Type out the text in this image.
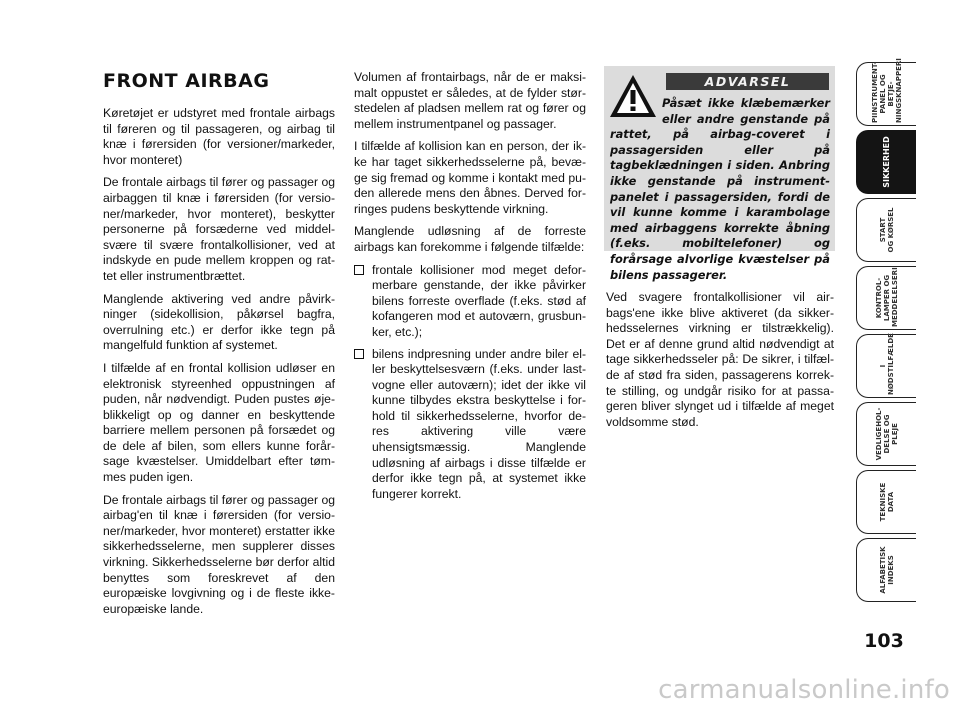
FRONT AIRBAG

Køretøjet er udstyret med frontale airbags til føreren og til passageren, og airbag til knæ i førersiden (for versioner/markeder, hvor monteret)

De frontale airbags til fører og passager og airbaggen til knæ i førersiden (for versioner/markeder, hvor monteret), beskytter personerne på forsæderne ved middelsvære til svære frontalkollisioner, ved at indskyde en pude mellem kroppen og rattet eller instrumentbrættet.

Manglende aktivering ved andre påvirkninger (sidekollision, påkørsel bagfra, overrulning etc.) er derfor ikke tegn på mangelfuld funktion af systemet.

I tilfælde af en frontal kollision udløser en elektronisk styreenhed oppustningen af puden, når nødvendigt. Puden pustes øjeblikkeligt op og danner en beskyttende barriere mellem personen på forsædet og de dele af bilen, som ellers kunne forårsage kvæstelser. Umiddelbart efter tømmes puden igen.

De frontale airbags til fører og passager og airbag'en til knæ i førersiden (for versioner/markeder, hvor monteret) erstatter ikke sikkerhedsselerne, men supplerer disses virkning. Sikkerhedsselerne bør derfor altid benyttes som foreskrevet af den europæiske lovgivning og i de fleste ikke-europæiske lande.

Volumen af frontairbags, når de er maksimalt oppustet er således, at de fylder størstedelen af pladsen mellem rat og fører og mellem instrumentpanel og passager.

I tilfælde af kollision kan en person, der ikke har taget sikkerhedsselerne på, bevæge sig fremad og komme i kontakt med puden allerede mens den åbnes. Derved forringes pudens beskyttende virkning.

Manglende udløsning af de forreste airbags kan forekomme i følgende tilfælde:

frontale kollisioner mod meget deformerbare genstande, der ikke påvirker bilens forreste overflade (f.eks. stød af kofangeren mod et autoværn, grusbunker, etc.);
bilens indpresning under andre biler eller beskyttelsesværn (f.eks. under lastvogne eller autoværn); idet der ikke vil kunne tilbydes ekstra beskyttelse i forhold til sikkerhedsselerne, hvorfor deres aktivering ville være uhensigtsmæssig. Manglende udløsning af airbags i disse tilfælde er derfor ikke tegn på, at systemet ikke fungerer korrekt.
ADVARSEL
Påsæt ikke klæbemærker eller andre genstande på rattet, på airbag-coveret i passagersiden eller på tagbeklædningen i siden. Anbring ikke genstande på instrumentpanelet i passagersiden, fordi de vil kunne komme i karambolage med airbaggens korrekte åbning (f.eks. mobiltelefoner) og forårsage alvorlige kvæstelser på bilens passagerer.

Ved svagere frontalkollisioner vil airbags'ene ikke blive aktiveret (da sikkerhedsselernes virkning er tilstrækkelig). Det er af denne grund altid nødvendigt at tage sikkerhedsseler på: De sikrer, i tilfælde af stød fra siden, passagerens korrekte stilling, og undgår risiko for at passageren bliver slynget ud i tilfælde af meget voldsomme stød.

PIINSTRUMENT-
PANEL OG BETJE-
NINGSKNAPPERI
SIKKERHED
START
OG KØRSEL
KONTROL-
LAMPER OG
MEDDELELSERI
I
NØDSTILFÆLDE
VEDLIGEHOL-
DELSE OG
PLEJE
TEKNISKE
DATA
ALFABETISK
INDEKS
103
carmanualsonline.info
